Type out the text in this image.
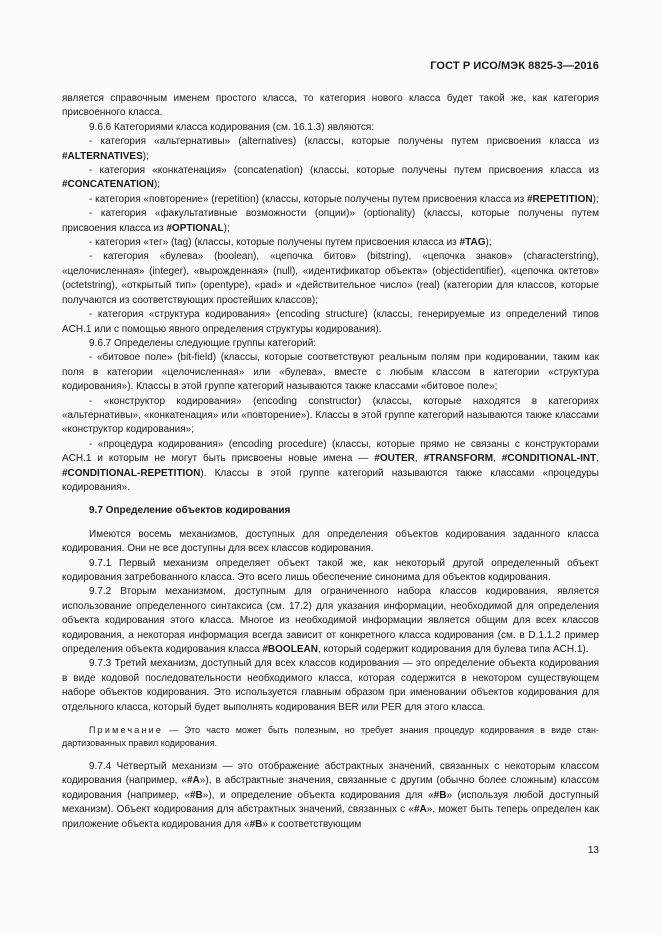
ГОСТ Р ИСО/МЭК 8825-3—2016

является справочным именем простого класса, то категория нового класса будет такой же, как категория присвоенного класса.

9.6.6 Категориями класса кодирования (см. 16.1.3) являются:

- категория «альтернативы» (alternatives) (классы, которые получены путем присвоения класса из #ALTERNATIVES);

- категория «конкатенация» (concatenation) (классы, которые получены путем присвоения класса из #CONCATENATION);

- категория «повторение» (repetition) (классы, которые получены путем присвоения класса из #REPETITION);

- категория «факультативные возможности (опции)» (optionality) (классы, которые получены путем присвоения класса из #OPTIONAL);

- категория «тег» (tag) (классы, которые получены путем присвоения класса из #TAG);

- категория «булева» (boolean), «цепочка битов» (bitstring), «цепочка знаков» (characterstring), «целочисленная» (integer), «вырожденная» (null), «идентификатор объекта» (objectidentifier), «цепочка октетов» (octetstring), «открытый тип» (opentype), «pad» и «действительное число» (real) (категории для классов, которые получаются из соответствующих простейших классов);

- категория «структура кодирования» (encoding structure) (классы, генерируемые из определений типов ACH.1 или с помощью явного определения структуры кодирования).

9.6.7 Определены следующие группы категорий:

- «битовое поле» (bit-field) (классы, которые соответствуют реальным полям при кодировании, таким как поля в категории «целочисленная» или «булева», вместе с любым классом в категории «структура кодирования»). Классы в этой группе категорий называются также классами «битовое поле»;

- «конструктор кодирования» (encoding constructor) (классы, которые находятся в категориях «альтернативы», «конкатенация» или «повторение»). Классы в этой группе категорий называются также классами «конструктор кодирования»;

- «процедура кодирования» (encoding procedure) (классы, которые прямо не связаны с конструкторами ACH.1 и которым не могут быть присвоены новые имена — #OUTER, #TRANSFORM, #CONDITIONAL-INT, #CONDITIONAL-REPETITION). Классы в этой группе категорий называются также классами «процедуры кодирования».

9.7 Определение объектов кодирования

Имеются восемь механизмов, доступных для определения объектов кодирования заданного класса кодирования. Они не все доступны для всех классов кодирования.

9.7.1 Первый механизм определяет объект такой же, как некоторый другой определенный объект кодирования затребованного класса. Это всего лишь обеспечение синонима для объектов кодирования.

9.7.2 Вторым механизмом, доступным для ограниченного набора классов кодирования, является использование определенного синтаксиса (см. 17.2) для указания информации, необходимой для определения объекта кодирования этого класса. Многое из необходимой информации является общим для всех классов кодирования, а некоторая информация всегда зависит от конкретного класса кодирования (см. в D.1.1.2 пример определения объекта кодирования класса #BOOLEAN, который содержит кодирования для булева типа ACH.1).

9.7.3 Третий механизм, доступный для всех классов кодирования — это определение объекта кодирования в виде кодовой последовательности необходимого класса, которая содержится в некотором существующем наборе объектов кодирования. Это используется главным образом при именовании объектов кодирования для отдельного класса, который будет выполнять кодирования BER или PER для этого класса.

Примечание — Это часто может быть полезным, но требует знания процедур кодирования в виде стандартизованных правил кодирования.

9.7.4 Четвертый механизм — это отображение абстрактных значений, связанных с некоторым классом кодирования (например, «#A»), в абстрактные значения, связанные с другим (обычно более сложным) классом кодирования (например, «#B»), и определение объекта кодирования для «#B» (используя любой доступный механизм). Объект кодирования для абстрактных значений, связанных с «#A», может быть теперь определен как приложение объекта кодирования для «#B» к соответствующим

13
